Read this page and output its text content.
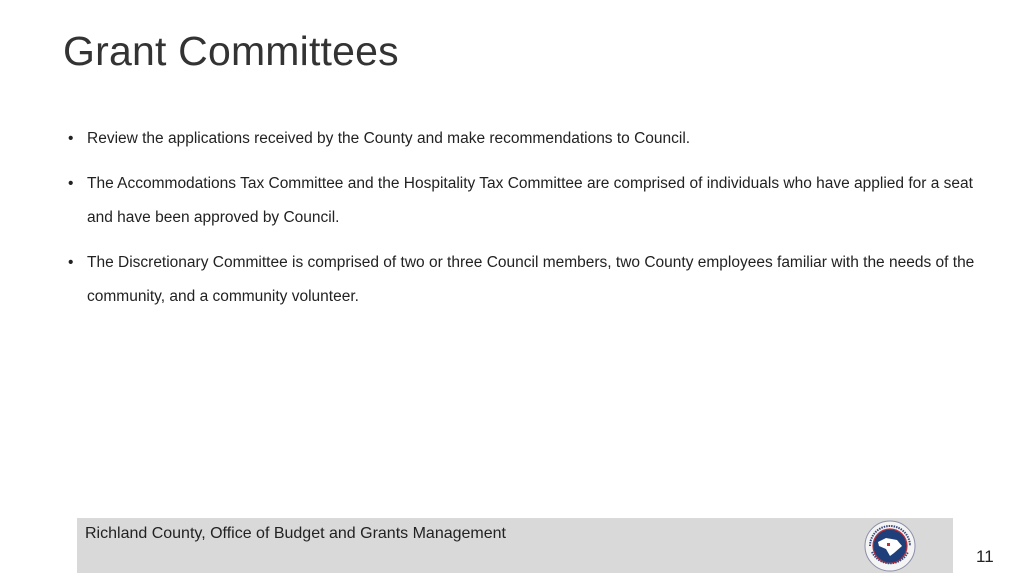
Grant Committees
• Review the applications received by the County and make recommendations to Council.
• The Accommodations Tax Committee and the Hospitality Tax Committee are comprised of individuals who have applied for a seat and have been approved by Council.
• The Discretionary Committee is comprised of two or three Council members, two County employees familiar with the needs of the community, and a community volunteer.
Richland County, Office of Budget and Grants Management
11
